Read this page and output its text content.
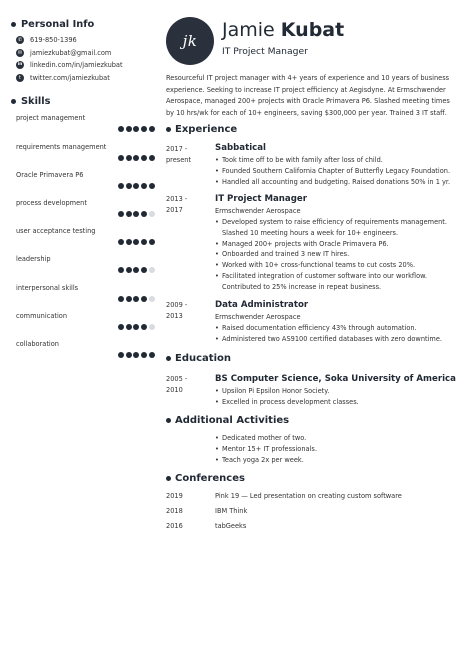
Personal Info
✆ 619-850-1396
✉ jamiezkubat@gmail.com
in linkedin.com/in/jamiezkubat
t	twitter.com/jamiezkubat
Skills
project management
requirements management
Oracle Primavera P6
process development
user acceptance testing
leadership
interpersonal skills
communication
collaboration
jk Jamie Kubat
IT Project Manager
Resourceful IT project manager with 4+ years of experience and 10 years of business experience. Seeking to increase IT project efficiency at Aegisdyne. At Ermschwender Aerospace, managed 200+ projects with Oracle Primavera P6. Slashed meeting times by 10 hrs/wk for each of 10+ engineers, saving $300,000 per year. Trained 3 IT staff.
Experience
2017 -
present
Sabbatical
• Took time off to be with family after loss of child.
• Founded Southern California Chapter of Butterfly Legacy Foundation.
• Handled all accounting and budgeting. Raised donations 50% in 1 yr.
2013 -
2017
IT Project Manager
Ermschwender Aerospace
• Developed system to raise efficiency of requirements management. Slashed 10 meeting hours a week for 10+ engineers.
• Managed 200+ projects with Oracle Primavera P6.
• Onboarded and trained 3 new IT hires.
• Worked with 10+ cross-functional teams to cut costs 20%.
• Facilitated integration of customer software into our workflow. Contributed to 25% increase in repeat business.
2009 -
2013
Data Administrator
Ermschwender Aerospace
• Raised documentation efficiency 43% through automation.
• Administered two AS9100 certified databases with zero downtime.
Education
2005 -
2010
BS Computer Science, Soka University of America
• Upsilon Pi Epsilon Honor Society.
• Excelled in process development classes.
Additional Activities
• Dedicated mother of two.
• Mentor 15+ IT professionals.
• Teach yoga 2x per week.
Conferences
2019	Pink 19 — Led presentation on creating custom software
2018	IBM Think
2016	tabGeeks
